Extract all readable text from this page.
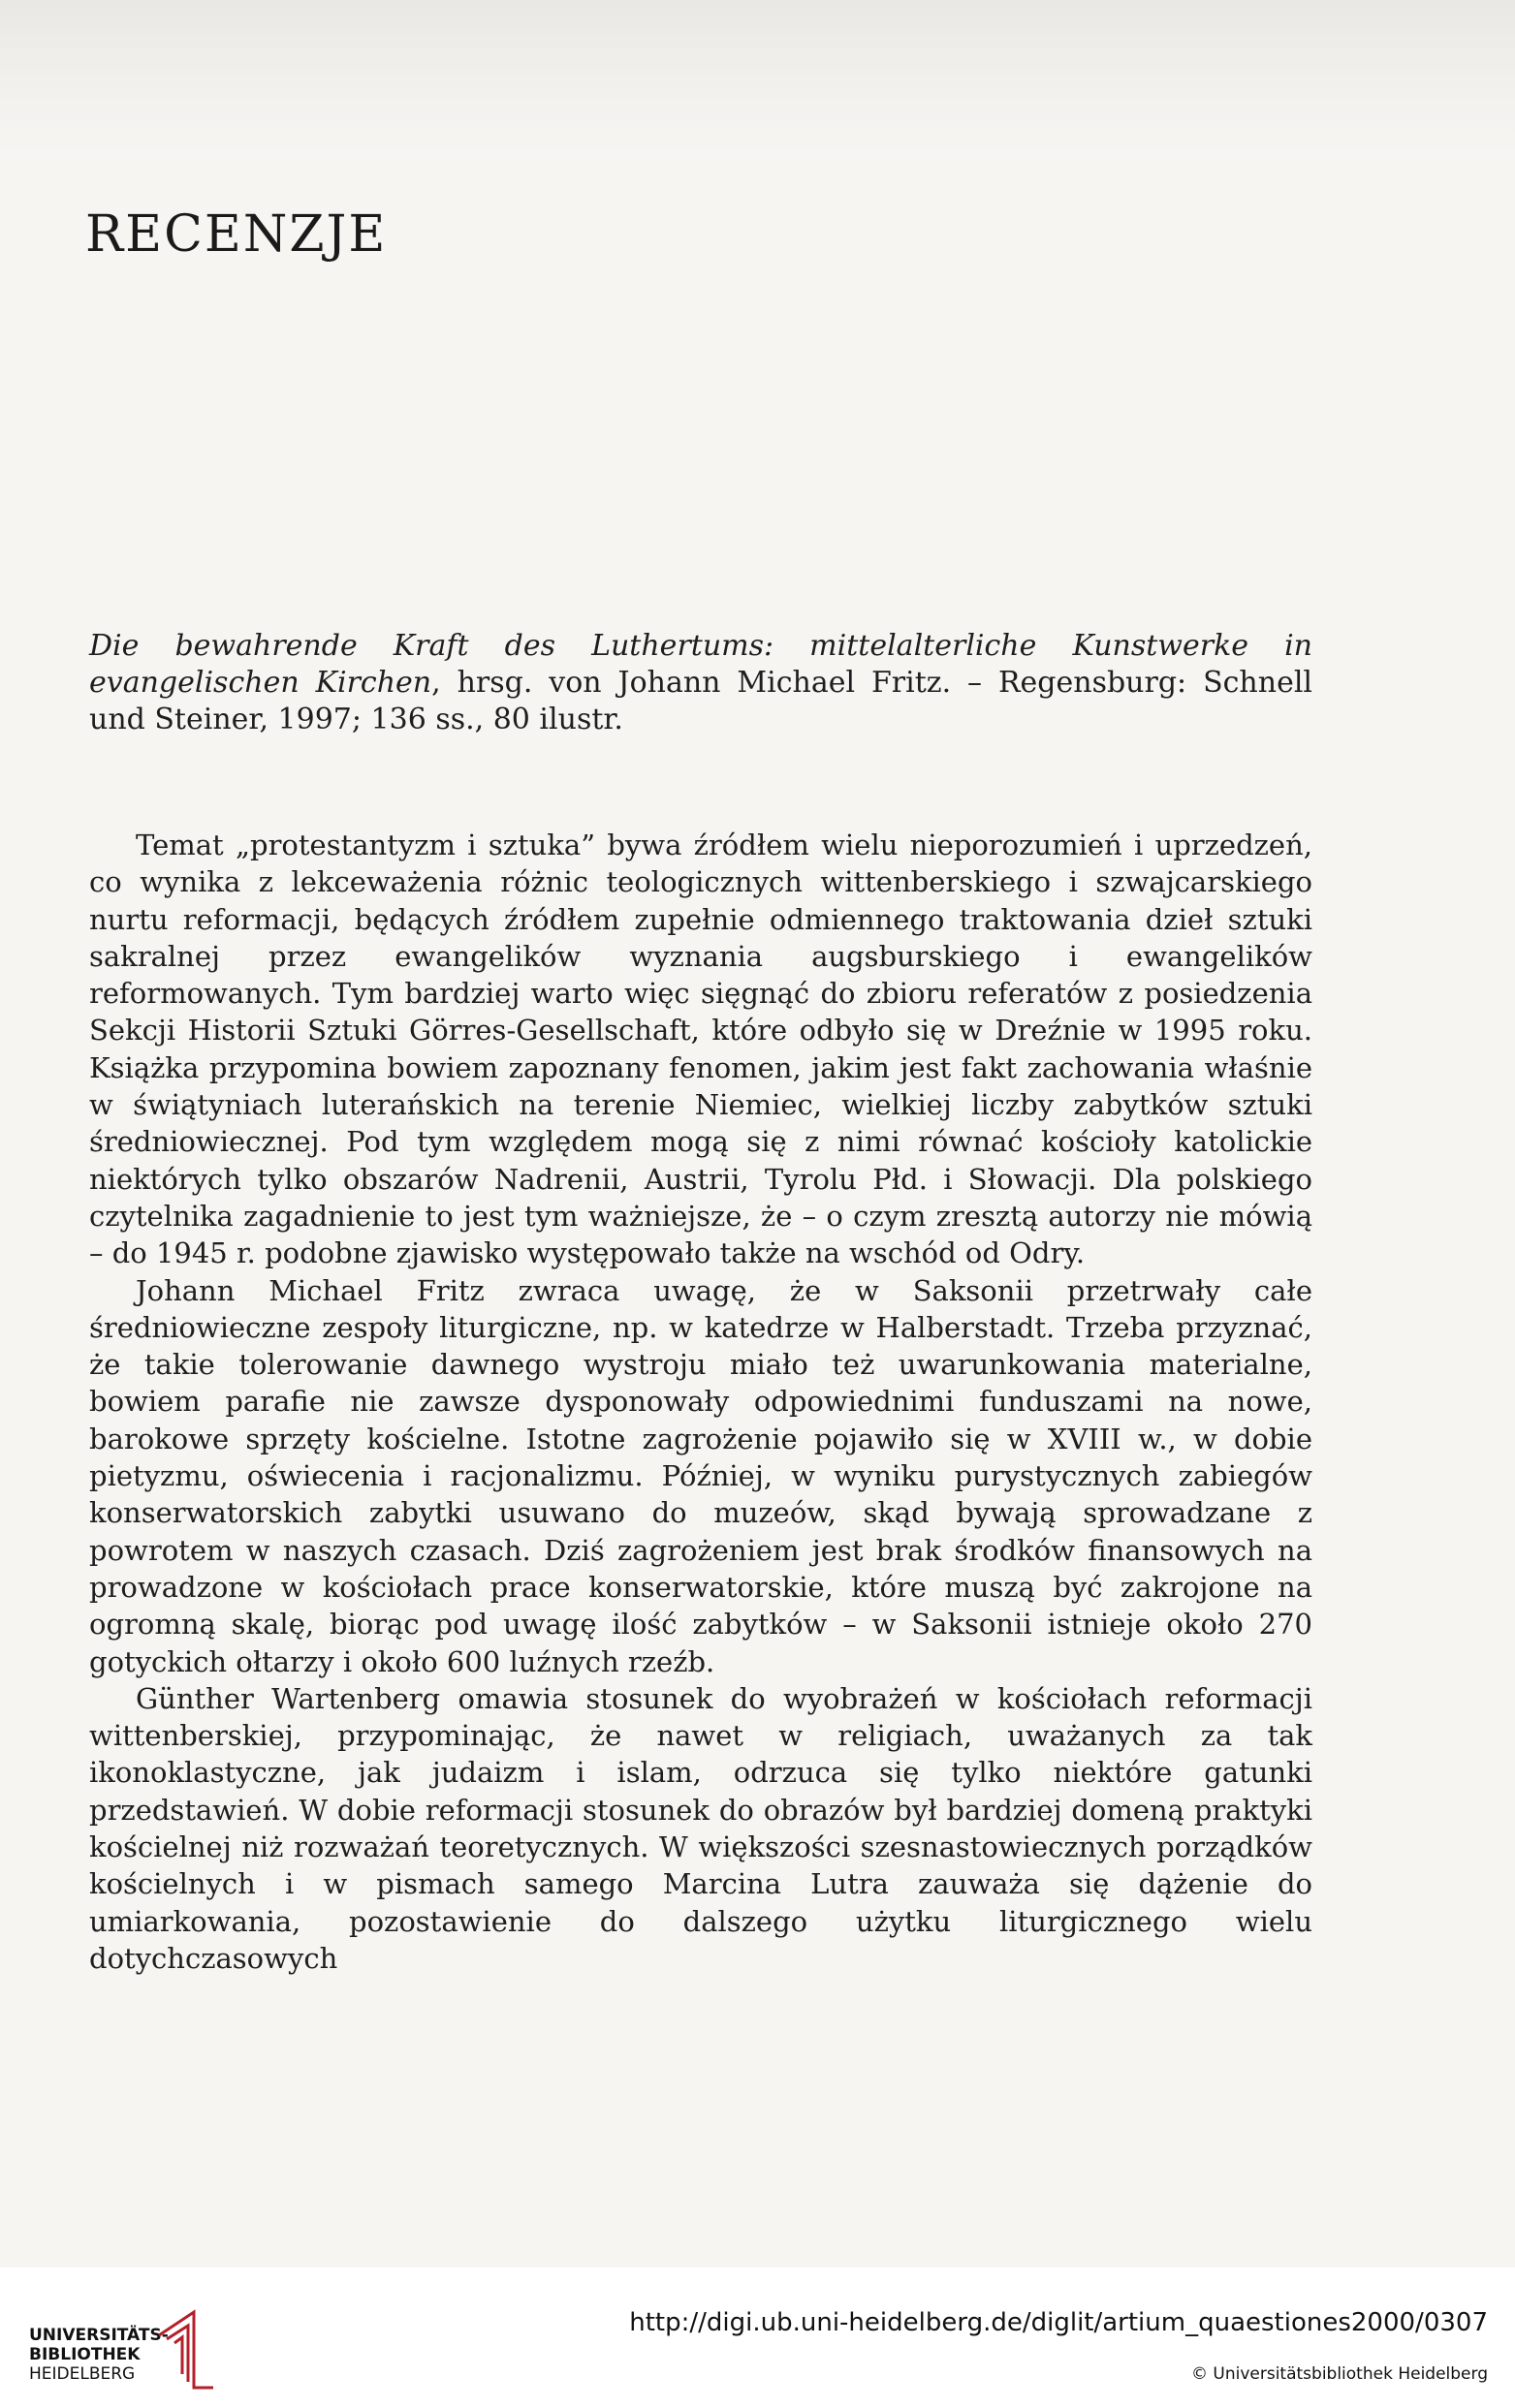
RECENZJE

Die bewahrende Kraft des Luthertums: mittelalterliche Kunstwerke in evangelischen Kirchen, hrsg. von Johann Michael Fritz. – Regensburg: Schnell und Steiner, 1997; 136 ss., 80 ilustr.

Temat „protestantyzm i sztuka” bywa źródłem wielu nieporozumień i uprzedzeń, co wynika z lekceważenia różnic teologicznych wittenberskiego i szwajcarskiego nurtu reformacji, będących źródłem zupełnie odmiennego traktowania dzieł sztuki sakralnej przez ewangelików wyznania augsburskiego i ewangelików reformowanych. Tym bardziej warto więc sięgnąć do zbioru referatów z posiedzenia Sekcji Historii Sztuki Görres-Gesellschaft, które odbyło się w Dreźnie w 1995 roku. Książka przypomina bowiem zapoznany fenomen, jakim jest fakt zachowania właśnie w świątyniach luterańskich na terenie Niemiec, wielkiej liczby zabytków sztuki średniowiecznej. Pod tym względem mogą się z nimi równać kościoły katolickie niektórych tylko obszarów Nadrenii, Austrii, Tyrolu Płd. i Słowacji. Dla polskiego czytelnika zagadnienie to jest tym ważniejsze, że – o czym zresztą autorzy nie mówią – do 1945 r. podobne zjawisko występowało także na wschód od Odry.

Johann Michael Fritz zwraca uwagę, że w Saksonii przetrwały całe średniowieczne zespoły liturgiczne, np. w katedrze w Halberstadt. Trzeba przyznać, że takie tolerowanie dawnego wystroju miało też uwarunkowania materialne, bowiem parafie nie zawsze dysponowały odpowiednimi funduszami na nowe, barokowe sprzęty kościelne. Istotne zagrożenie pojawiło się w XVIII w., w dobie pietyzmu, oświecenia i racjonalizmu. Później, w wyniku purystycznych zabiegów konserwatorskich zabytki usuwano do muzeów, skąd bywają sprowadzane z powrotem w naszych czasach. Dziś zagrożeniem jest brak środków finansowych na prowadzone w kościołach prace konserwatorskie, które muszą być zakrojone na ogromną skalę, biorąc pod uwagę ilość zabytków – w Saksonii istnieje około 270 gotyckich ołtarzy i około 600 luźnych rzeźb.

Günther Wartenberg omawia stosunek do wyobrażeń w kościołach reformacji wittenberskiej, przypominając, że nawet w religiach, uważanych za tak ikonoklastyczne, jak judaizm i islam, odrzuca się tylko niektóre gatunki przedstawień. W dobie reformacji stosunek do obrazów był bardziej domeną praktyki kościelnej niż rozważań teoretycznych. W większości szesnastowiecznych porządków kościelnych i w pismach samego Marcina Lutra zauważa się dążenie do umiarkowania, pozostawienie do dalszego użytku liturgicznego wielu dotychczasowych

UNIVERSITÄTS-
BIBLIOTHEK
HEIDELBERG
http://digi.ub.uni-heidelberg.de/diglit/artium_quaestiones2000/0307
© Universitätsbibliothek Heidelberg
